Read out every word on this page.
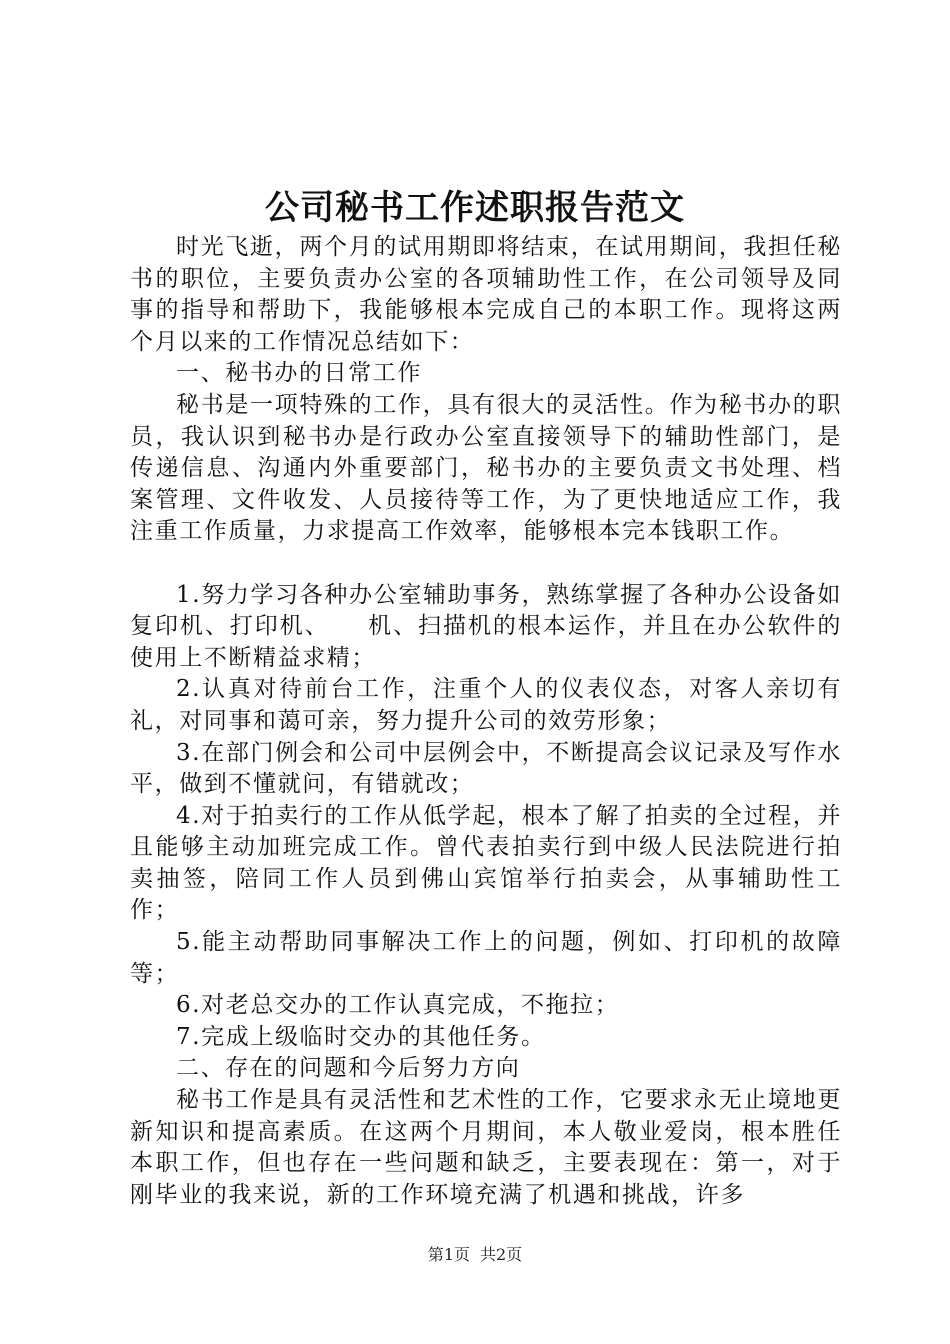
公司秘书工作述职报告范文

时光飞逝，两个月的试用期即将结束，在试用期间，我担任秘书的职位，主要负责办公室的各项辅助性工作，在公司领导及同事的指导和帮助下，我能够根本完成自己的本职工作。现将这两个月以来的工作情况总结如下：

一、秘书办的日常工作

秘书是一项特殊的工作，具有很大的灵活性。作为秘书办的职员，我认识到秘书办是行政办公室直接领导下的辅助性部门，是传递信息、沟通内外重要部门，秘书办的主要负责文书处理、档案管理、文件收发、人员接待等工作，为了更快地适应工作，我注重工作质量，力求提高工作效率，能够根本完本钱职工作。

1.努力学习各种办公室辅助事务，熟练掌握了各种办公设备如复印机、打印机、　　机、扫描机的根本运作，并且在办公软件的使用上不断精益求精；

2.认真对待前台工作，注重个人的仪表仪态，对客人亲切有礼，对同事和蔼可亲，努力提升公司的效劳形象；

3.在部门例会和公司中层例会中，不断提高会议记录及写作水平，做到不懂就问，有错就改；

4.对于拍卖行的工作从低学起，根本了解了拍卖的全过程，并且能够主动加班完成工作。曾代表拍卖行到中级人民法院进行拍卖抽签，陪同工作人员到佛山宾馆举行拍卖会，从事辅助性工作；

5.能主动帮助同事解决工作上的问题，例如、打印机的故障等；

6.对老总交办的工作认真完成，不拖拉；

7.完成上级临时交办的其他任务。

二、存在的问题和今后努力方向

秘书工作是具有灵活性和艺术性的工作，它要求永无止境地更新知识和提高素质。在这两个月期间，本人敬业爱岗，根本胜任本职工作，但也存在一些问题和缺乏，主要表现在：第一，对于刚毕业的我来说，新的工作环境充满了机遇和挑战，许多

第1页 共2页
